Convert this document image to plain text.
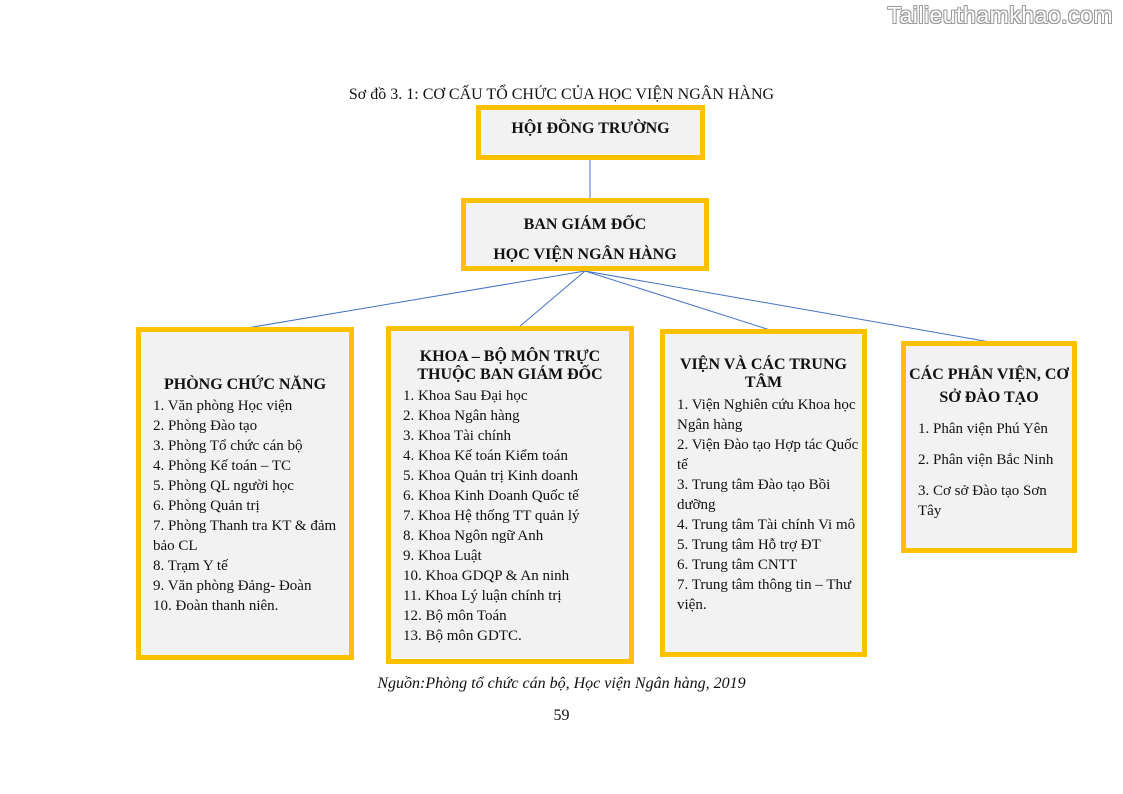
Tailieuthamkhao.com
Sơ đồ 3. 1: CƠ CẤU TỔ CHỨC CỦA HỌC VIỆN NGÂN HÀNG
HỘI ĐỒNG TRƯỜNG
BAN GIÁM ĐỐC
HỌC VIỆN NGÂN HÀNG
PHÒNG CHỨC NĂNG
1. Văn phòng Học viện
2. Phòng Đào tạo
3. Phòng Tổ chức cán bộ
4. Phòng Kế toán – TC
5. Phòng QL người học
6. Phòng Quản trị
7. Phòng Thanh tra KT & đảm bảo CL
8. Trạm Y tế
9. Văn phòng Đảng- Đoàn
10. Đoàn thanh niên.
KHOA – BỘ MÔN TRỰC THUỘC BAN GIÁM ĐỐC
1. Khoa Sau Đại học
2. Khoa Ngân hàng
3. Khoa Tài chính
4. Khoa Kế toán Kiểm toán
5. Khoa Quản trị Kinh doanh
6. Khoa Kinh Doanh Quốc tế
7. Khoa Hệ thống TT quản lý
8. Khoa Ngôn ngữ Anh
9. Khoa Luật
10. Khoa GDQP & An ninh
11. Khoa Lý luận chính trị
12. Bộ môn Toán
13. Bộ môn GDTC.
VIỆN VÀ CÁC TRUNG TÂM
1. Viện Nghiên cứu Khoa học Ngân hàng
2. Viện Đào tạo Hợp tác Quốc tế
3. Trung tâm Đào tạo Bồi dưỡng
4. Trung tâm Tài chính Vi mô
5. Trung tâm Hỗ trợ ĐT
6. Trung tâm CNTT
7. Trung tâm thông tin – Thư viện.
CÁC PHÂN VIỆN, CƠ SỞ ĐÀO TẠO
1. Phân viện Phú Yên
2. Phân viện Bắc Ninh
3. Cơ sở Đào tạo Sơn Tây
Nguồn:Phòng tổ chức cán bộ, Học viện Ngân hàng, 2019
59
